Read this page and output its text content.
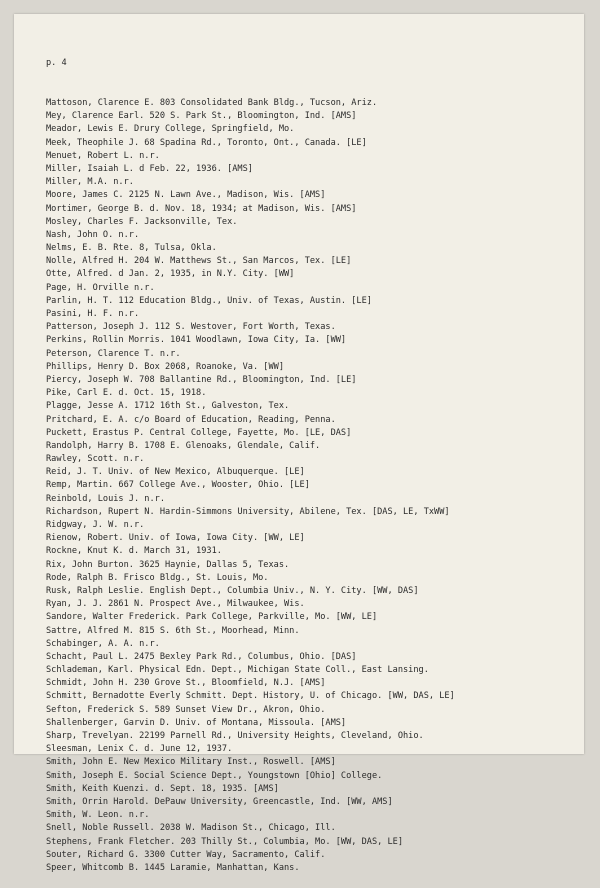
p. 4

Mattoson, Clarence E. 803 Consolidated Bank Bldg., Tucson, Ariz.
Mey, Clarence Earl. 520 S. Park St., Bloomington, Ind. [AMS]
Meador, Lewis E. Drury College, Springfield, Mo.
Meek, Theophile J. 68 Spadina Rd., Toronto, Ont., Canada. [LE]
Menuet, Robert L. n.r.
Miller, Isaiah L. d Feb. 22, 1936. [AMS]
Miller, M.A. n.r.
Moore, James C. 2125 N. Lawn Ave., Madison, Wis. [AMS]
Mortimer, George B. d. Nov. 18, 1934; at Madison, Wis. [AMS]
Mosley, Charles F. Jacksonville, Tex.
Nash, John O. n.r.
Nelms, E. B. Rte. 8, Tulsa, Okla.
Nolle, Alfred H. 204 W. Matthews St., San Marcos, Tex. [LE]
Otte, Alfred. d Jan. 2, 1935, in N.Y. City. [WW]
Page, H. Orville n.r.
Parlin, H. T. 112 Education Bldg., Univ. of Texas, Austin. [LE]
Pasini, H. F. n.r.
Patterson, Joseph J. 112 S. Westover, Fort Worth, Texas.
Perkins, Rollin Morris. 1041 Woodlawn, Iowa City, Ia. [WW]
Peterson, Clarence T. n.r.
Phillips, Henry D. Box 2068, Roanoke, Va. [WW]
Piercy, Joseph W. 708 Ballantine Rd., Bloomington, Ind. [LE]
Pike, Carl E. d. Oct. 15, 1918.
Plagge, Jesse A. 1712 16th St., Galveston, Tex.
Pritchard, E. A. c/o Board of Education, Reading, Penna.
Puckett, Erastus P. Central College, Fayette, Mo. [LE, DAS]
Randolph, Harry B. 1708 E. Glenoaks, Glendale, Calif.
Rawley, Scott. n.r.
Reid, J. T. Univ. of New Mexico, Albuquerque. [LE]
Remp, Martin. 667 College Ave., Wooster, Ohio. [LE]
Reinbold, Louis J. n.r.
Richardson, Rupert N. Hardin-Simmons University, Abilene, Tex. [DAS, LE, TxWW]
Ridgway, J. W. n.r.
Rienow, Robert. Univ. of Iowa, Iowa City. [WW, LE]
Rockne, Knut K. d. March 31, 1931.
Rix, John Burton. 3625 Haynie, Dallas 5, Texas.
Rode, Ralph B. Frisco Bldg., St. Louis, Mo.
Rusk, Ralph Leslie. English Dept., Columbia Univ., N. Y. City. [WW, DAS]
Ryan, J. J. 2861 N. Prospect Ave., Milwaukee, Wis.
Sandore, Walter Frederick. Park College, Parkville, Mo. [WW, LE]
Sattre, Alfred M. 815 S. 6th St., Moorhead, Minn.
Schabinger, A. A. n.r.
Schacht, Paul L. 2475 Bexley Park Rd., Columbus, Ohio. [DAS]
Schlademan, Karl. Physical Edn. Dept., Michigan State Coll., East Lansing.
Schmidt, John H. 230 Grove St., Bloomfield, N.J. [AMS]
Schmitt, Bernadotte Everly Schmitt. Dept. History, U. of Chicago. [WW, DAS, LE]
Sefton, Frederick S. 589 Sunset View Dr., Akron, Ohio.
Shallenberger, Garvin D. Univ. of Montana, Missoula. [AMS]
Sharp, Trevelyan. 22199 Parnell Rd., University Heights, Cleveland, Ohio.
Sleesman, Lenix C. d. June 12, 1937.
Smith, John E. New Mexico Military Inst., Roswell. [AMS]
Smith, Joseph E. Social Science Dept., Youngstown [Ohio] College.
Smith, Keith Kuenzi. d. Sept. 18, 1935. [AMS]
Smith, Orrin Harold. DePauw University, Greencastle, Ind. [WW, AMS]
Smith, W. Leon. n.r.
Snell, Noble Russell. 2038 W. Madison St., Chicago, Ill.
Stephens, Frank Fletcher. 203 Thilly St., Columbia, Mo. [WW, DAS, LE]
Souter, Richard G. 3300 Cutter Way, Sacramento, Calif.
Speer, Whitcomb B. 1445 Laramie, Manhattan, Kans.
